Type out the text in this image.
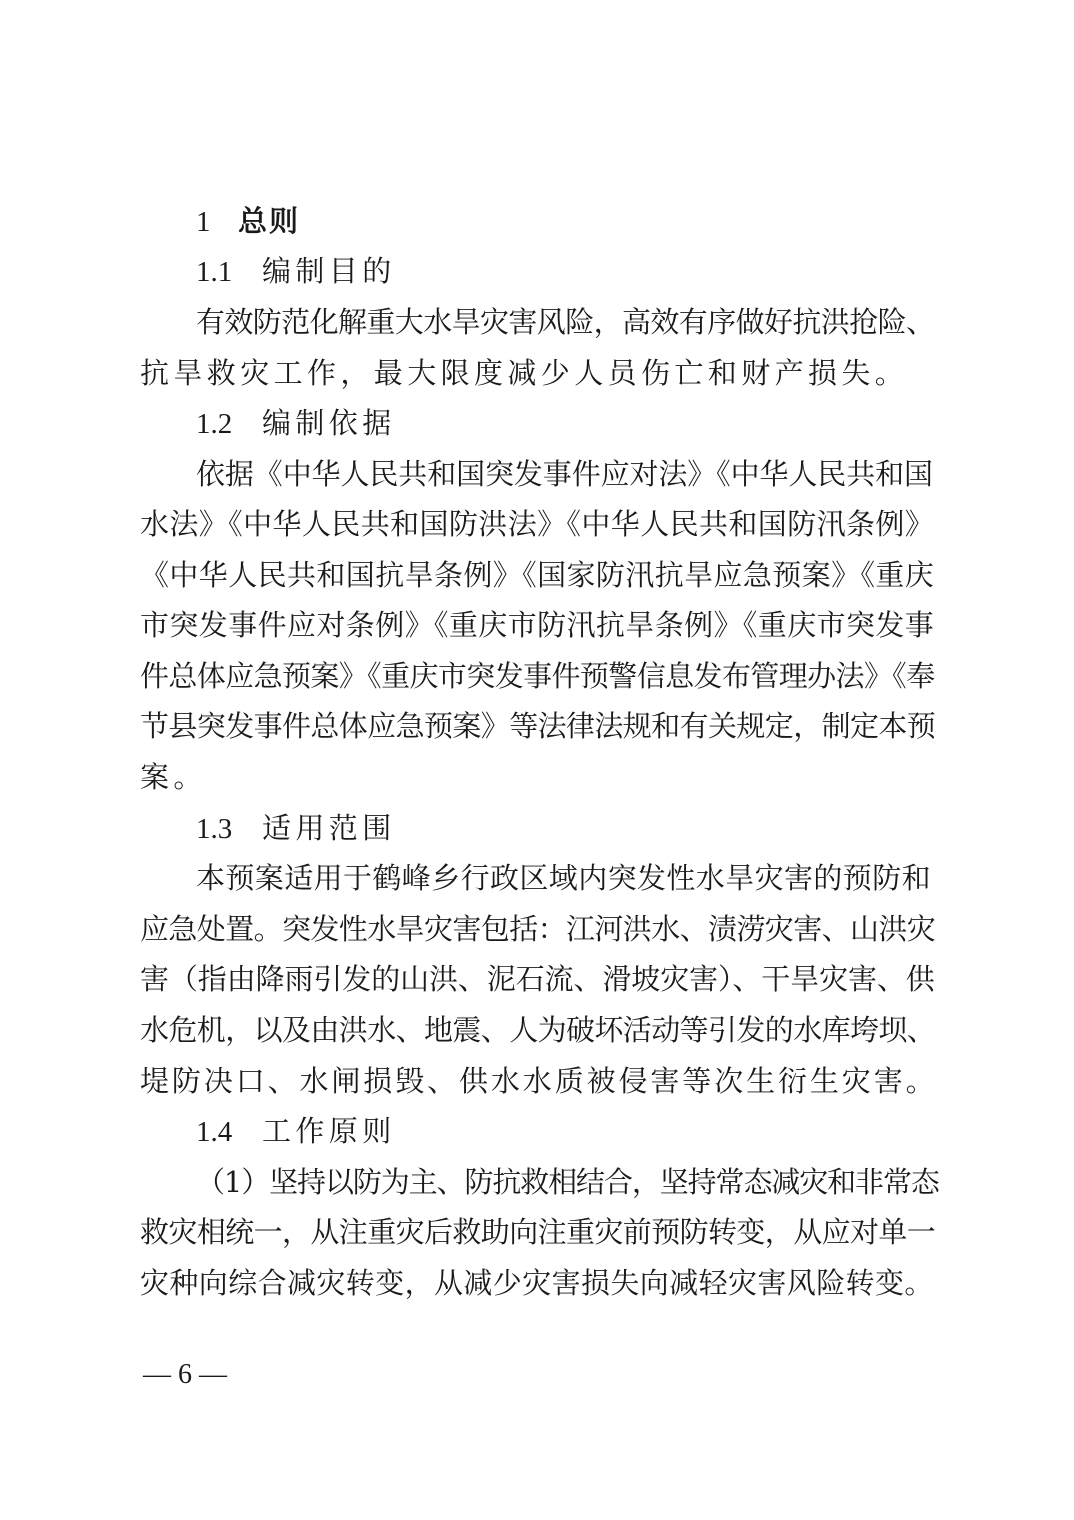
1 总则
1.1 编制目的
有效防范化解重大水旱灾害风险，高效有序做好抗洪抢险、
抗旱救灾工作，最大限度减少人员伤亡和财产损失。
1.2 编制依据
依据《中华人民共和国突发事件应对法》《中华人民共和国
水法》《中华人民共和国防洪法》《中华人民共和国防汛条例》
《中华人民共和国抗旱条例》《国家防汛抗旱应急预案》《重庆
市突发事件应对条例》《重庆市防汛抗旱条例》《重庆市突发事
件总体应急预案》《重庆市突发事件预警信息发布管理办法》《奉
节县突发事件总体应急预案》等法律法规和有关规定，制定本预
案。
1.3 适用范围
本预案适用于鹤峰乡行政区域内突发性水旱灾害的预防和
应急处置。突发性水旱灾害包括：江河洪水、渍涝灾害、山洪灾
害（指由降雨引发的山洪、泥石流、滑坡灾害）、干旱灾害、供
水危机，以及由洪水、地震、人为破坏活动等引发的水库垮坝、
堤防决口、水闸损毁、供水水质被侵害等次生衍生灾害。
1.4 工作原则
（1）坚持以防为主、防抗救相结合，坚持常态减灾和非常态
救灾相统一，从注重灾后救助向注重灾前预防转变，从应对单一
灾种向综合减灾转变，从减少灾害损失向减轻灾害风险转变。
— 6 —
